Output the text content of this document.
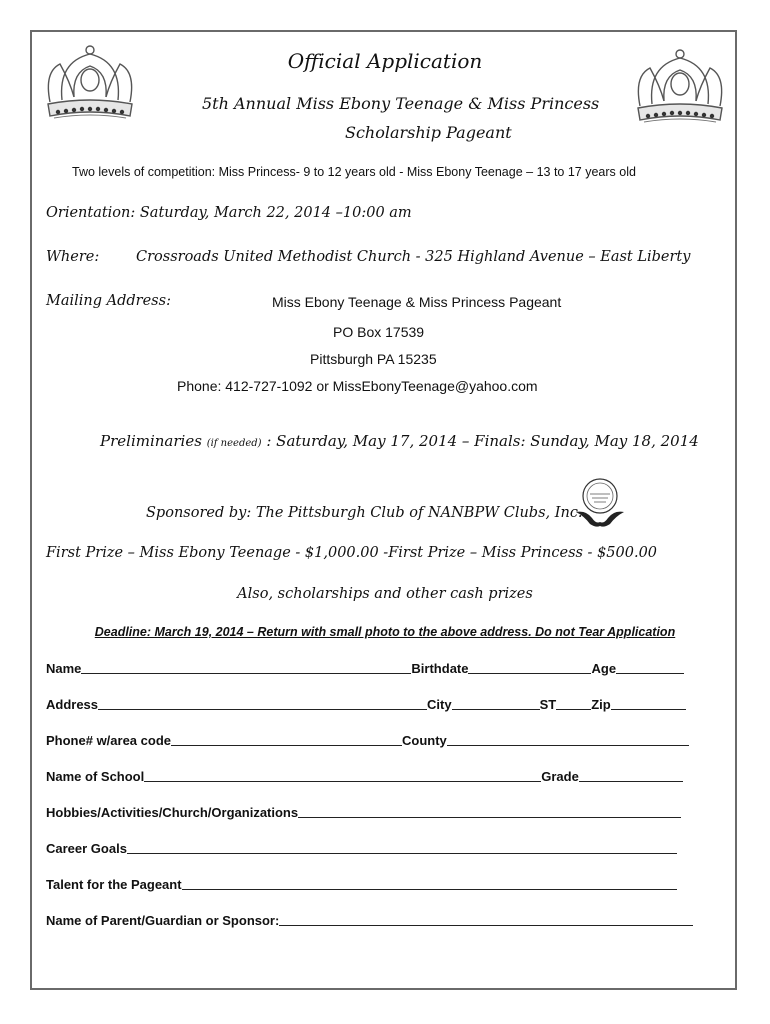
Official Application
5th Annual Miss Ebony Teenage & Miss Princess
Scholarship Pageant
Two levels of competition: Miss Princess- 9 to 12 years old - Miss Ebony Teenage – 13 to 17 years old
Orientation: Saturday, March 22, 2014 –10:00 am
Where:	Crossroads United Methodist Church - 325 Highland Avenue – East Liberty
Mailing Address:	Miss Ebony Teenage & Miss Princess Pageant
PO Box 17539
Pittsburgh PA 15235
Phone: 412-727-1092 or MissEbonyTeenage@yahoo.com
Preliminaries (if needed) : Saturday, May 17, 2014 – Finals: Sunday, May 18, 2014
Sponsored by: The Pittsburgh Club of NANBPW Clubs, Inc.
First Prize – Miss Ebony Teenage - $1,000.00 -First Prize – Miss Princess - $500.00
Also, scholarships and other cash prizes
Deadline: March 19, 2014 – Return with small photo to the above address. Do not Tear Application
Name	Birthdate	Age
Address	City	ST	Zip
Phone# w/area code	County
Name of School	Grade
Hobbies/Activities/Church/Organizations
Career Goals
Talent for the Pageant
Name of Parent/Guardian or Sponsor:
